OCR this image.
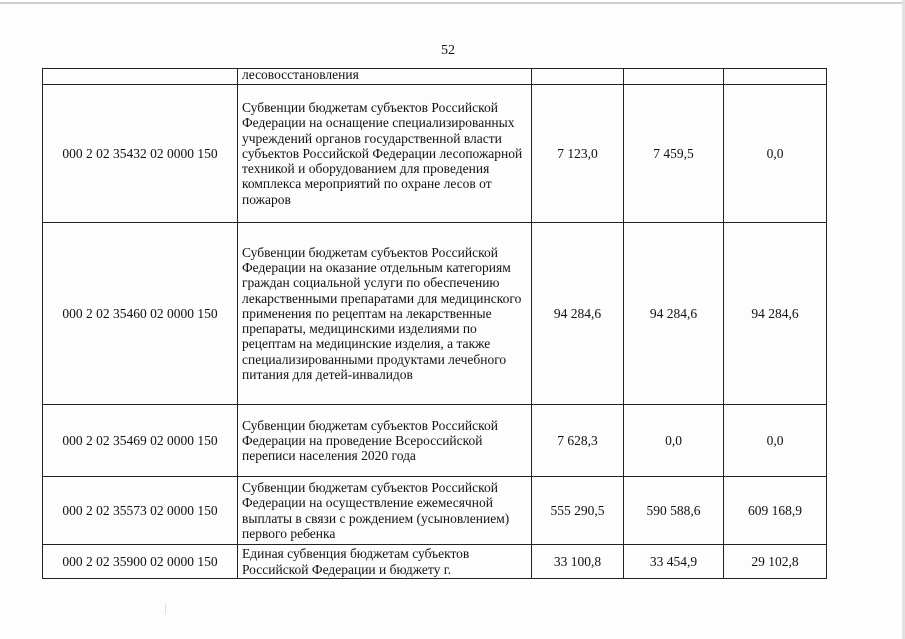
52
	лесовосстановления			
000 2 02 35432 02 0000 150	Субвенции бюджетам субъектов Российской Федерации на оснащение специализированных учреждений органов государственной власти субъектов Российской Федерации лесопожарной техникой и оборудованием для проведения комплекса мероприятий по охране лесов от пожаров	7 123,0	7 459,5	0,0
000 2 02 35460 02 0000 150	Субвенции бюджетам субъектов Российской Федерации на оказание отдельным категориям граждан социальной услуги по обеспечению лекарственными препаратами для медицинского применения по рецептам на лекарственные препараты, медицинскими изделиями по рецептам на медицинские изделия, а также специализированными продуктами лечебного питания для детей-инвалидов	94 284,6	94 284,6	94 284,6
000 2 02 35469 02 0000 150	Субвенции бюджетам субъектов Российской Федерации на проведение Всероссийской переписи населения 2020 года	7 628,3	0,0	0,0
000 2 02 35573 02 0000 150	Субвенции бюджетам субъектов Российской Федерации на осуществление ежемесячной выплаты в связи с рождением (усыновлением) первого ребенка	555 290,5	590 588,6	609 168,9
000 2 02 35900 02 0000 150	Единая субвенция бюджетам субъектов Российской Федерации и бюджету г.	33 100,8	33 454,9	29 102,8
